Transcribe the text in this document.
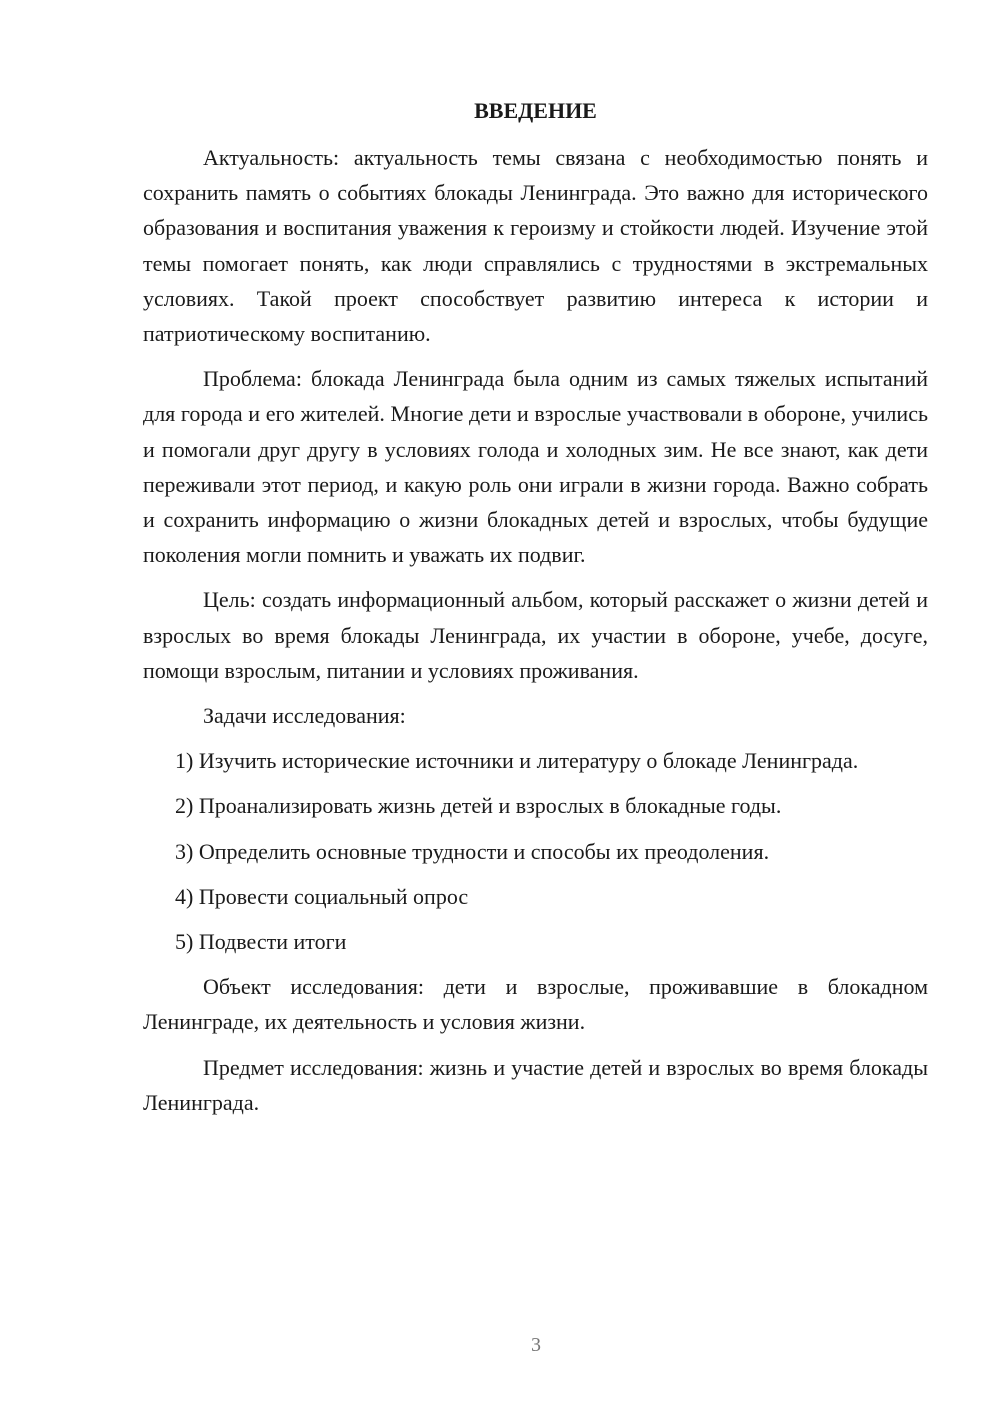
ВВЕДЕНИЕ

Актуальность: актуальность темы связана с необходимостью понять и сохранить память о событиях блокады Ленинграда. Это важно для исторического образования и воспитания уважения к героизму и стойкости людей. Изучение этой темы помогает понять, как люди справлялись с трудностями в экстремальных условиях. Такой проект способствует развитию интереса к истории и патриотическому воспитанию.

Проблема: блокада Ленинграда была одним из самых тяжелых испытаний для города и его жителей. Многие дети и взрослые участвовали в обороне, учились и помогали друг другу в условиях голода и холодных зим. Не все знают, как дети переживали этот период, и какую роль они играли в жизни города. Важно собрать и сохранить информацию о жизни блокадных детей и взрослых, чтобы будущие поколения могли помнить и уважать их подвиг.

Цель: создать информационный альбом, который расскажет о жизни детей и взрослых во время блокады Ленинграда, их участии в обороне, учебе, досуге, помощи взрослым, питании и условиях проживания.

Задачи исследования:

1) Изучить исторические источники и литературу о блокаде Ленинграда.

2) Проанализировать жизнь детей и взрослых в блокадные годы.

3) Определить основные трудности и способы их преодоления.

4) Провести социальный опрос

5) Подвести итоги

Объект исследования: дети и взрослые, проживавшие в блокадном Ленинграде, их деятельность и условия жизни.

Предмет исследования: жизнь и участие детей и взрослых во время блокады Ленинграда.

3
